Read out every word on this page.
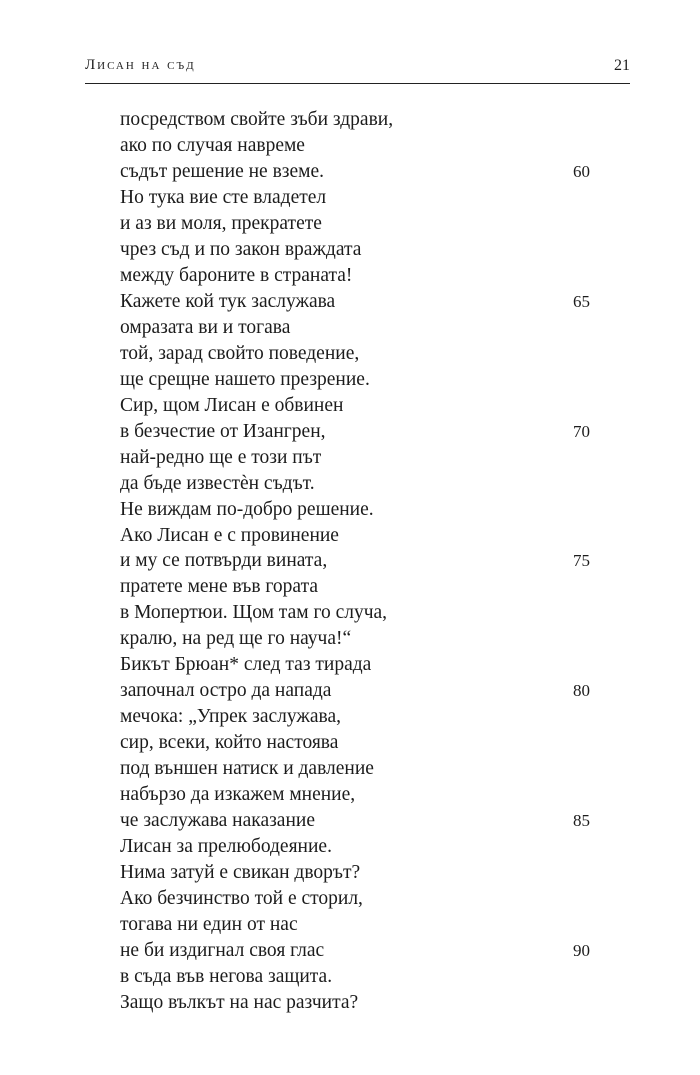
Лисан на съд	21
посредством свойте зъби здрави,
ако по случая навреме
съдът решение не вземе.	60
Но тука вие сте владетел
и аз ви моля, прекратете
чрез съд и по закон враждата
между бароните в страната!
Кажете кой тук заслужава	65
омразата ви и тогава
той, зарад свойто поведение,
ще срещне нашето презрение.
Сир, щом Лисан е обвинен
в безчестие от Изангрен,	70
най-редно ще е този път
да бъде известѐн съдът.
Не виждам по-добро решение.
Ако Лисан е с провинение
и му се потвърди вината,	75
пратете мене във гората
в Мопертюи. Щом там го случа,
кралю, на ред ще го науча!“
Бикът Брюан* след таз тирада
започнал остро да напада	80
мечока: „Упрек заслужава,
сир, всеки, който настоява
под външен натиск и давление
набързо да изкажем мнение,
че заслужава наказание	85
Лисан за прелюбодеяние.
Нима затуй е свикан дворът?
Ако безчинство той е сторил,
тогава ни един от нас
не би издигнал своя глас	90
в съда във негова защита.
Защо вълкът на нас разчита?
